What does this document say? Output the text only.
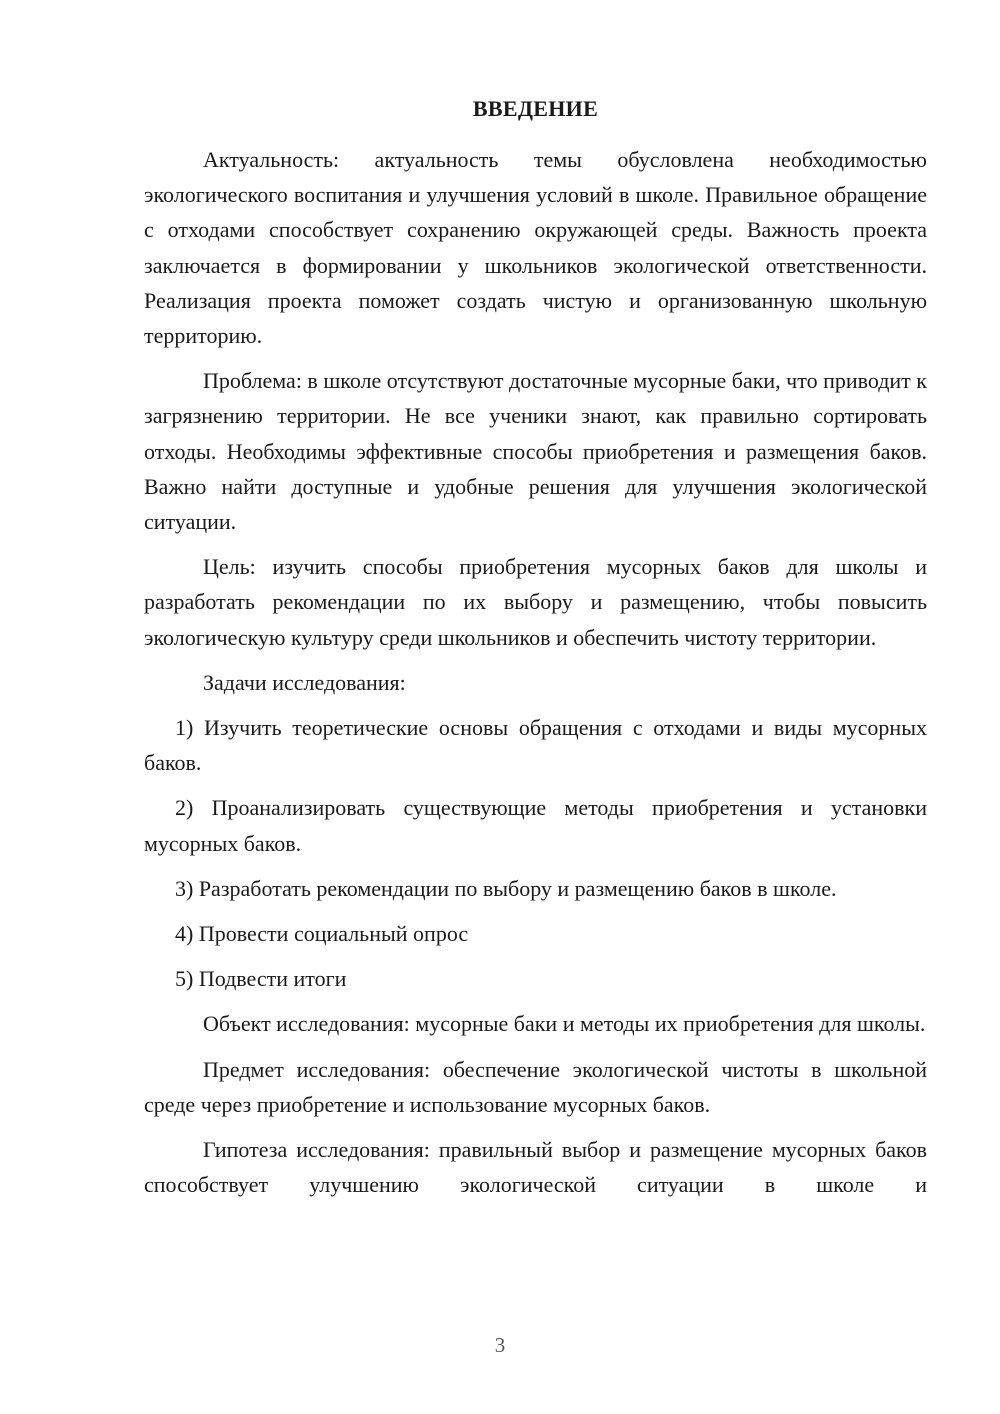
ВВЕДЕНИЕ

Актуальность: актуальность темы обусловлена необходимостью экологического воспитания и улучшения условий в школе. Правильное обращение с отходами способствует сохранению окружающей среды. Важность проекта заключается в формировании у школьников экологической ответственности. Реализация проекта поможет создать чистую и организованную школьную территорию.

Проблема: в школе отсутствуют достаточные мусорные баки, что приводит к загрязнению территории. Не все ученики знают, как правильно сортировать отходы. Необходимы эффективные способы приобретения и размещения баков. Важно найти доступные и удобные решения для улучшения экологической ситуации.

Цель: изучить способы приобретения мусорных баков для школы и разработать рекомендации по их выбору и размещению, чтобы повысить экологическую культуру среди школьников и обеспечить чистоту территории.

Задачи исследования:

1) Изучить теоретические основы обращения с отходами и виды мусорных баков.

2) Проанализировать существующие методы приобретения и установки мусорных баков.

3) Разработать рекомендации по выбору и размещению баков в школе.

4) Провести социальный опрос

5) Подвести итоги

Объект исследования: мусорные баки и методы их приобретения для школы.

Предмет исследования: обеспечение экологической чистоты в школьной среде через приобретение и использование мусорных баков.

Гипотеза исследования: правильный выбор и размещение мусорных баков способствует улучшению экологической ситуации в школе и

3
